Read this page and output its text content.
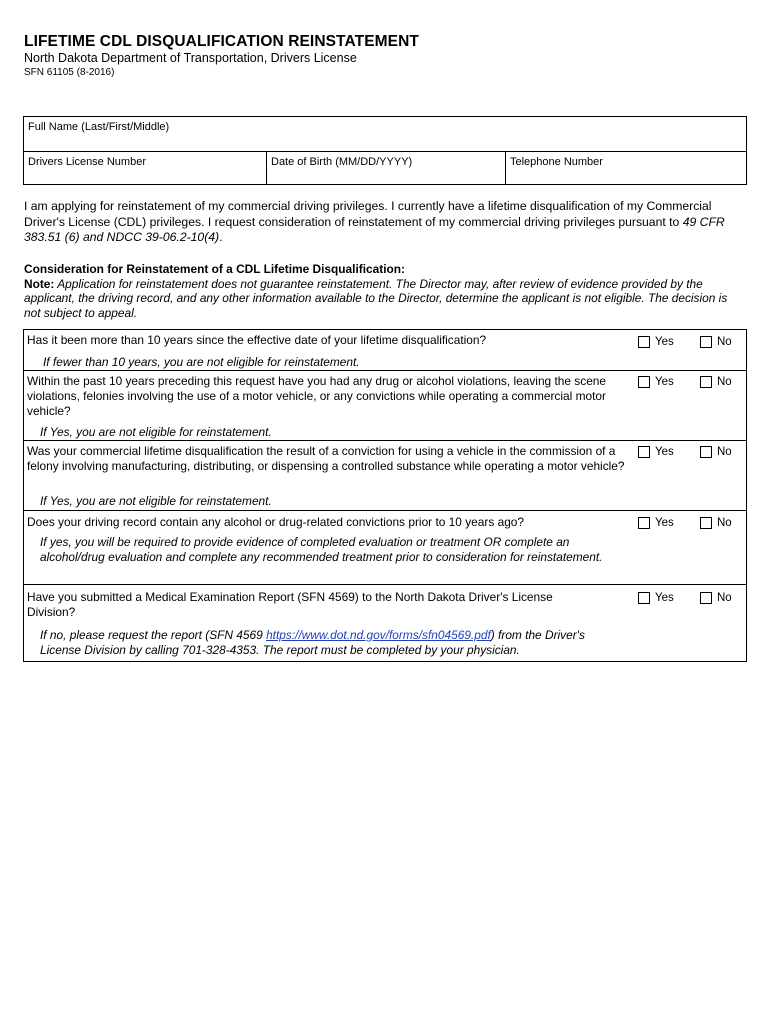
LIFETIME CDL DISQUALIFICATION REINSTATEMENT
North Dakota Department of Transportation, Drivers License
SFN 61105 (8-2016)
Full Name (Last/First/Middle)
Drivers License Number	Date of Birth (MM/DD/YYYY)	Telephone Number
I am applying for reinstatement of my commercial driving privileges. I currently have a lifetime disqualification of my Commercial Driver's License (CDL) privileges. I request consideration of reinstatement of my commercial driving privileges pursuant to 49 CFR 383.51 (6) and NDCC 39-06.2-10(4).
Consideration for Reinstatement of a CDL Lifetime Disqualification:
Note: Application for reinstatement does not guarantee reinstatement. The Director may, after review of evidence provided by the applicant, the driving record, and any other information available to the Director, determine the applicant is not eligible. The decision is not subject to appeal.
Has it been more than 10 years since the effective date of your lifetime disqualification?	Yes	No
If fewer than 10 years, you are not eligible for reinstatement.
Within the past 10 years preceding this request have you had any drug or alcohol violations, leaving the scene violations, felonies involving the use of a motor vehicle, or any convictions while operating a commercial motor vehicle?
Yes	No
If Yes, you are not eligible for reinstatement.
Was your commercial lifetime disqualification the result of a conviction for using a vehicle in the commission of a felony involving manufacturing, distributing, or dispensing a controlled substance while operating a motor vehicle?
Yes	No
If Yes, you are not eligible for reinstatement.
Does your driving record contain any alcohol or drug-related convictions prior to 10 years ago?	Yes	No
If yes, you will be required to provide evidence of completed evaluation or treatment OR complete an alcohol/drug evaluation and complete any recommended treatment prior to consideration for reinstatement.
Have you submitted a Medical Examination Report (SFN 4569) to the North Dakota Driver's License Division?
Yes	No
If no, please request the report (SFN 4569 https://www.dot.nd.gov/forms/sfn04569.pdf) from the Driver's License Division by calling 701-328-4353. The report must be completed by your physician.
